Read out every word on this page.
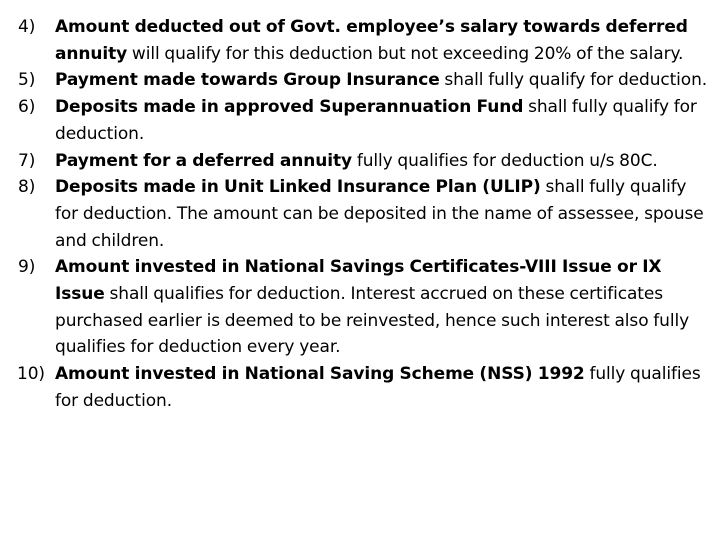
4)	Amount deducted out of Govt. employee’s salary towards deferred annuity will qualify for this deduction but not exceeding 20% of the salary.
5)	Payment made towards Group Insurance shall fully qualify for deduction.
6)	Deposits made in approved Superannuation Fund shall fully qualify for deduction.
7)	Payment for a deferred annuity fully qualifies for deduction u/s 80C.
8)	Deposits made in Unit Linked Insurance Plan (ULIP) shall fully qualify for deduction. The amount can be deposited in the name of assessee, spouse and children.
9)	Amount invested in National Savings Certificates-VIII Issue or IX Issue shall qualifies for deduction. Interest accrued on these certificates purchased earlier is deemed to be reinvested, hence such interest also fully qualifies for deduction every year.
10) Amount invested in National Saving Scheme (NSS) 1992 fully qualifies for deduction.
